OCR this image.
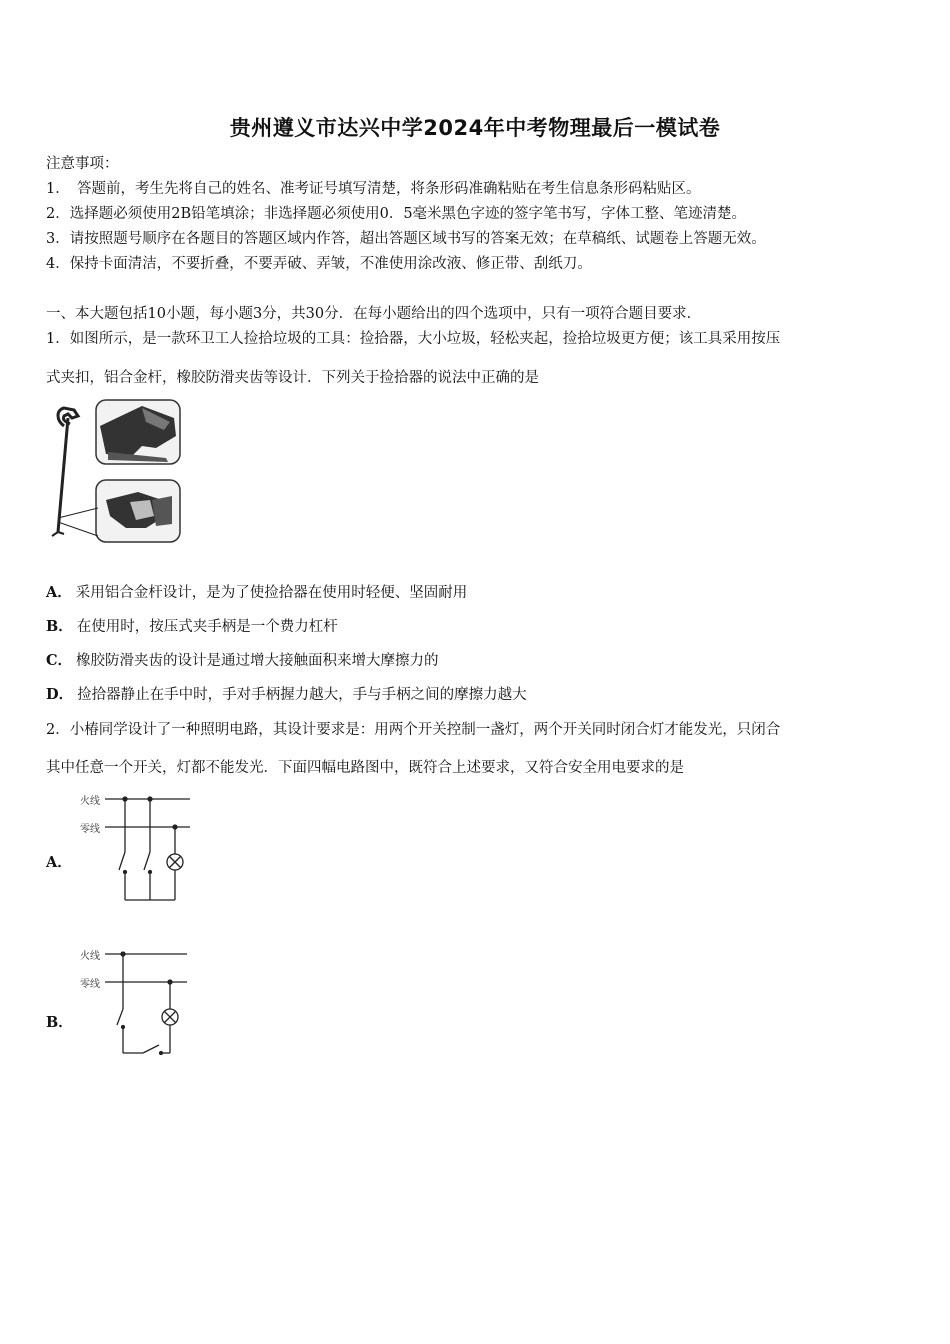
贵州遵义市达兴中学2024年中考物理最后一模试卷
注意事项：
1．　答题前，考生先将自己的姓名、准考证号填写清楚，将条形码准确粘贴在考生信息条形码粘贴区。
2．选择题必须使用2B铅笔填涂；非选择题必须使用0．5毫米黑色字迹的签字笔书写，字体工整、笔迹清楚。
3．请按照题号顺序在各题目的答题区域内作答，超出答题区域书写的答案无效；在草稿纸、试题卷上答题无效。
4．保持卡面清洁，不要折叠，不要弄破、弄皱，不准使用涂改液、修正带、刮纸刀。
一、本大题包括10小题，每小题3分，共30分．在每小题给出的四个选项中，只有一项符合题目要求．
1．如图所示，是一款环卫工人捡拾垃圾的工具：捡拾器，大小垃圾，轻松夹起，捡拾垃圾更方便；该工具采用按压
式夹扣，铝合金杆，橡胶防滑夹齿等设计．下列关于捡拾器的说法中正确的是
A． 采用铝合金杆设计，是为了使捡拾器在使用时轻便、坚固耐用
B． 在使用时，按压式夹手柄是一个费力杠杆
C． 橡胶防滑夹齿的设计是通过增大接触面积来增大摩擦力的
D． 捡拾器静止在手中时，手对手柄握力越大，手与手柄之间的摩擦力越大
2．小椿同学设计了一种照明电路，其设计要求是：用两个开关控制一盏灯，两个开关同时闭合灯才能发光，只闭合
其中任意一个开关，灯都不能发光．下面四幅电路图中，既符合上述要求，又符合安全用电要求的是
A．
火线
零线
B．
火线
零线
